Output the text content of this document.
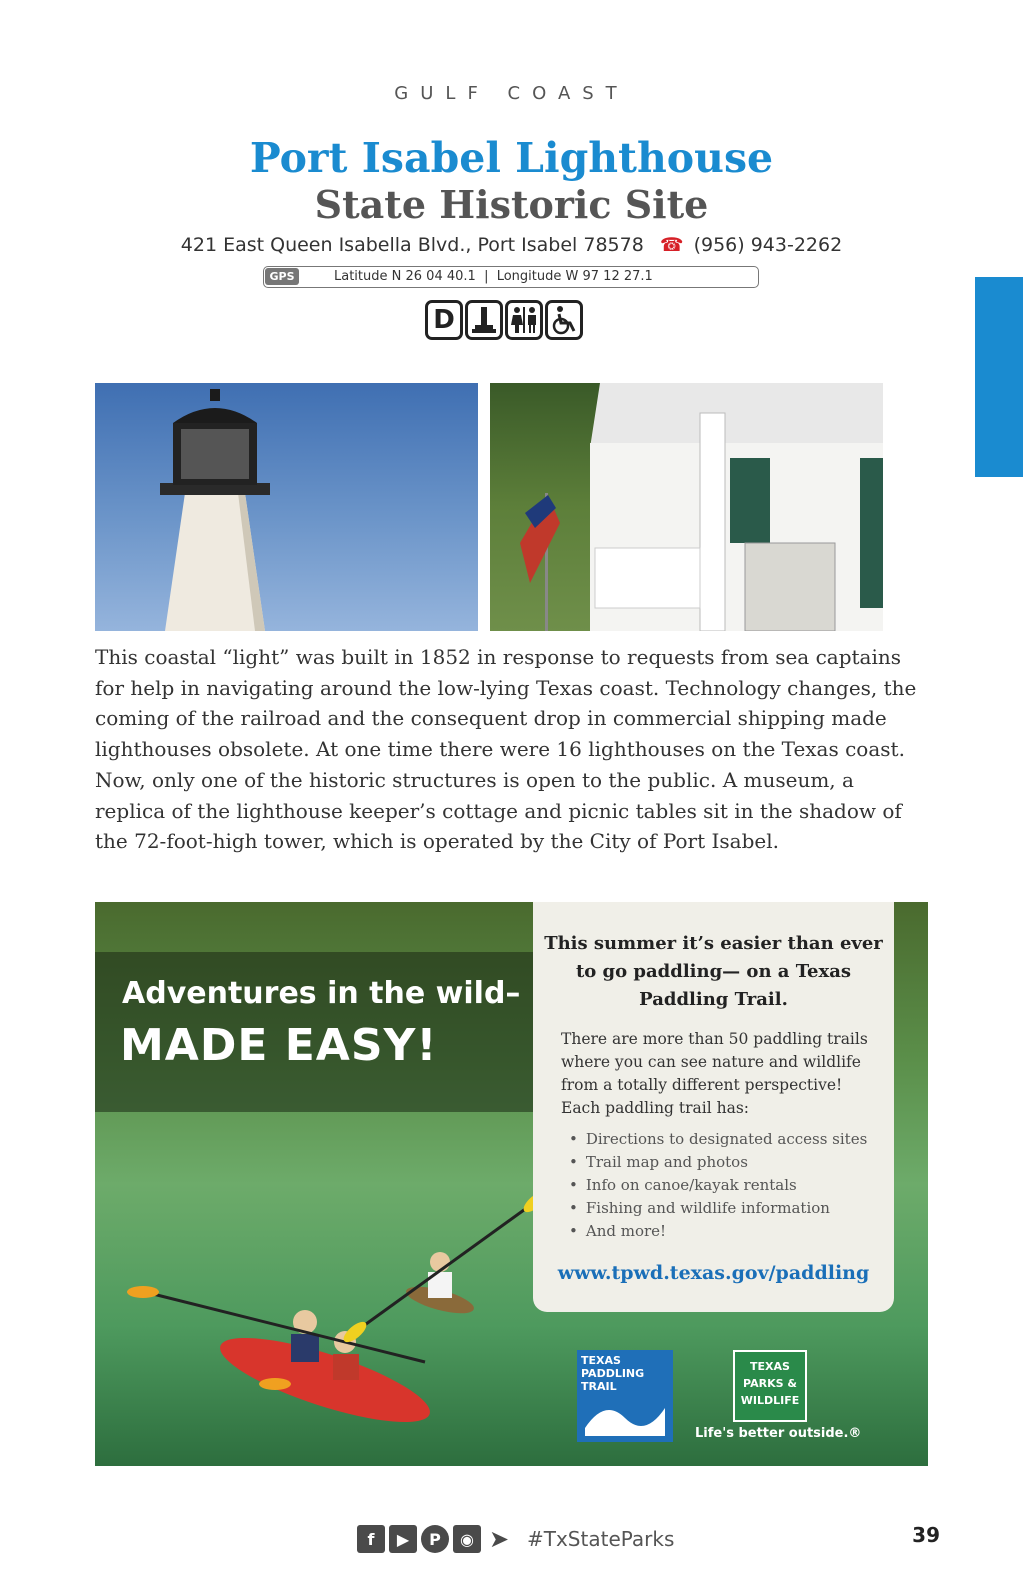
GULF COAST
Port Isabel Lighthouse
State Historic Site
421 East Queen Isabella Blvd., Port Isabel 78578 ☎ (956) 943-2262
GPS	Latitude N 26 04 40.1 | Longitude W 97 12 27.1
D
This coastal “light” was built in 1852 in response to requests from sea captains for help in navigating around the low-lying Texas coast. Technology changes, the coming of the railroad and the consequent drop in commercial shipping made lighthouses obsolete. At one time there were 16 lighthouses on the Texas coast. Now, only one of the historic structures is open to the public. A museum, a replica of the lighthouse keeper’s cottage and picnic tables sit in the shadow of the 72-foot-high tower, which is operated by the City of Port Isabel.
Adventures in the wild–
MADE EASY!
This summer it’s easier than ever to go paddling— on a Texas Paddling Trail.
There are more than 50 paddling trails where you can see nature and wildlife from a totally different perspective! Each paddling trail has:
• Directions to designated access sites
• Trail map and photos
• Info on canoe/kayak rentals
• Fishing and wildlife information
• And more!
www.tpwd.texas.gov/paddling
TEXAS PADDLING TRAIL
TEXAS
PARKS &
WILDLIFE
Life's better outside.®
f	▶	P	◉ ➤ #TxStateParks	39
